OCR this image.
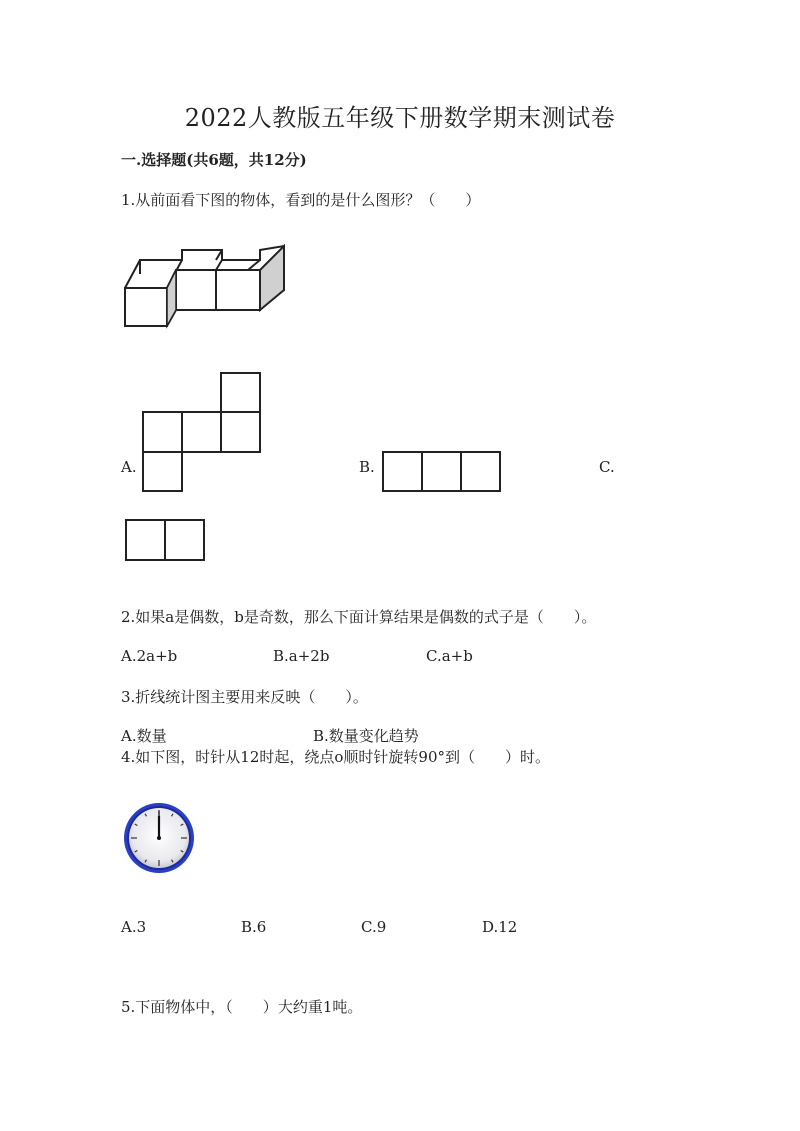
2022人教版五年级下册数学期末测试卷
一.选择题(共6题，共12分)
1.从前面看下图的物体，看到的是什么图形？（　　）
A.	B.	C.
2.如果a是偶数，b是奇数，那么下面计算结果是偶数的式子是（　　）。
A.2a+b	B.a+2b	C.a+b
3.折线统计图主要用来反映（　　）。
A.数量	B.数量变化趋势
4.如下图，时针从12时起，绕点o顺时针旋转90°到（　　）时。
A.3	B.6	C.9	D.12
5.下面物体中，（　　）大约重1吨。
